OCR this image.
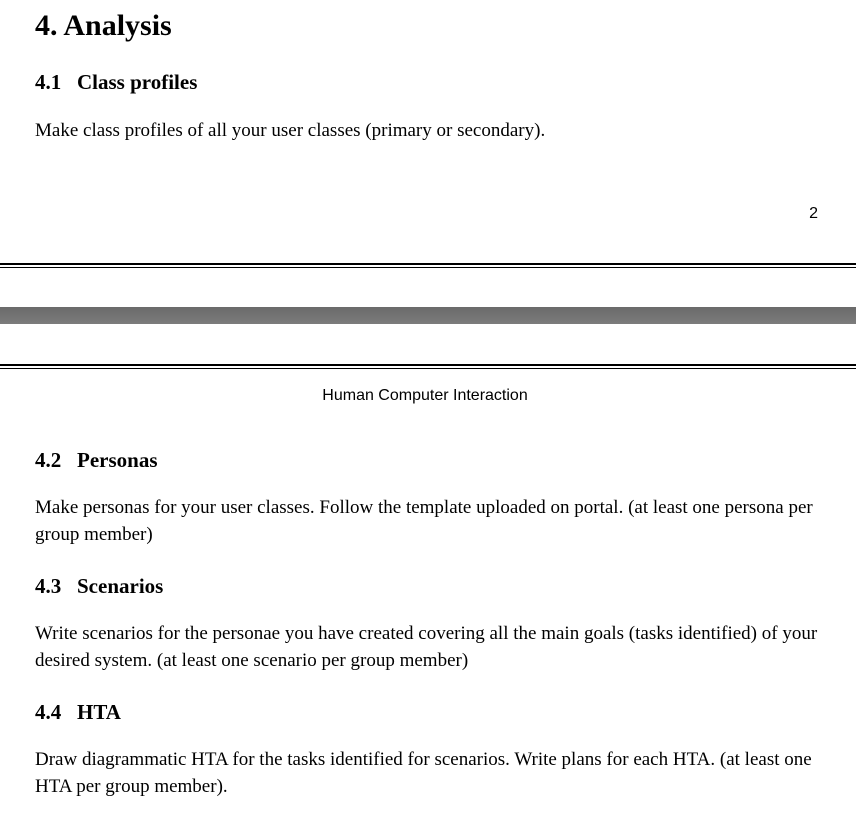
4. Analysis
4.1 Class profiles
Make class profiles of all your user classes (primary or secondary).
2
Human Computer Interaction
4.2 Personas
Make personas for your user classes. Follow the template uploaded on portal. (at least one persona per group member)
4.3 Scenarios
Write scenarios for the personae you have created covering all the main goals (tasks identified) of your desired system. (at least one scenario per group member)
4.4 HTA
Draw diagrammatic HTA for the tasks identified for scenarios. Write plans for each HTA. (at least one HTA per group member).
